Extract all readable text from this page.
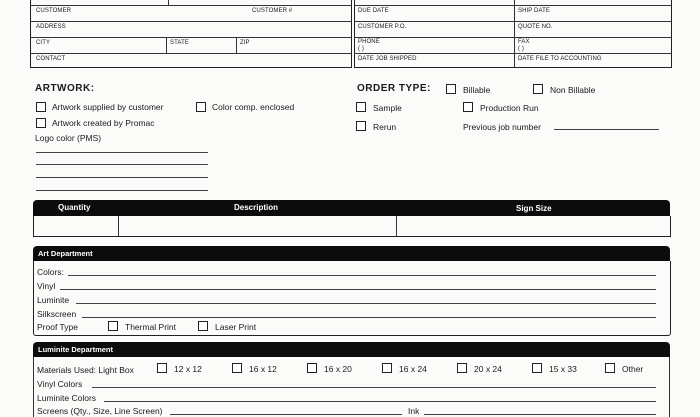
CUSTOMER	CUSTOMER #
ADDRESS
CITY	STATE	ZIP
CONTACT
DUE DATE	SHIP DATE
CUSTOMER P.O.	QUOTE NO.
PHONE
( )
FAX
( )
DATE JOB SHIPPED	DATE FILE TO ACCOUNTING
ARTWORK:
Artwork supplied by customer	Color comp. enclosed
Artwork created by Promac
Logo color (PMS)
ORDER TYPE:	Billable	Non Billable
Sample	Production Run
Rerun	Previous job number
Quantity	Description	Sign Size
Art Department
Colors:
Vinyl
Luminite
Silkscreen
Proof Type	Thermal Print	Laser Print
Luminite Department
Materials Used: Light Box	12 x 12	16 x 12	16 x 20	16 x 24	20 x 24	15 x 33	Other
Vinyl Colors
Luminite Colors
Screens (Qty., Size, Line Screen)	Ink
